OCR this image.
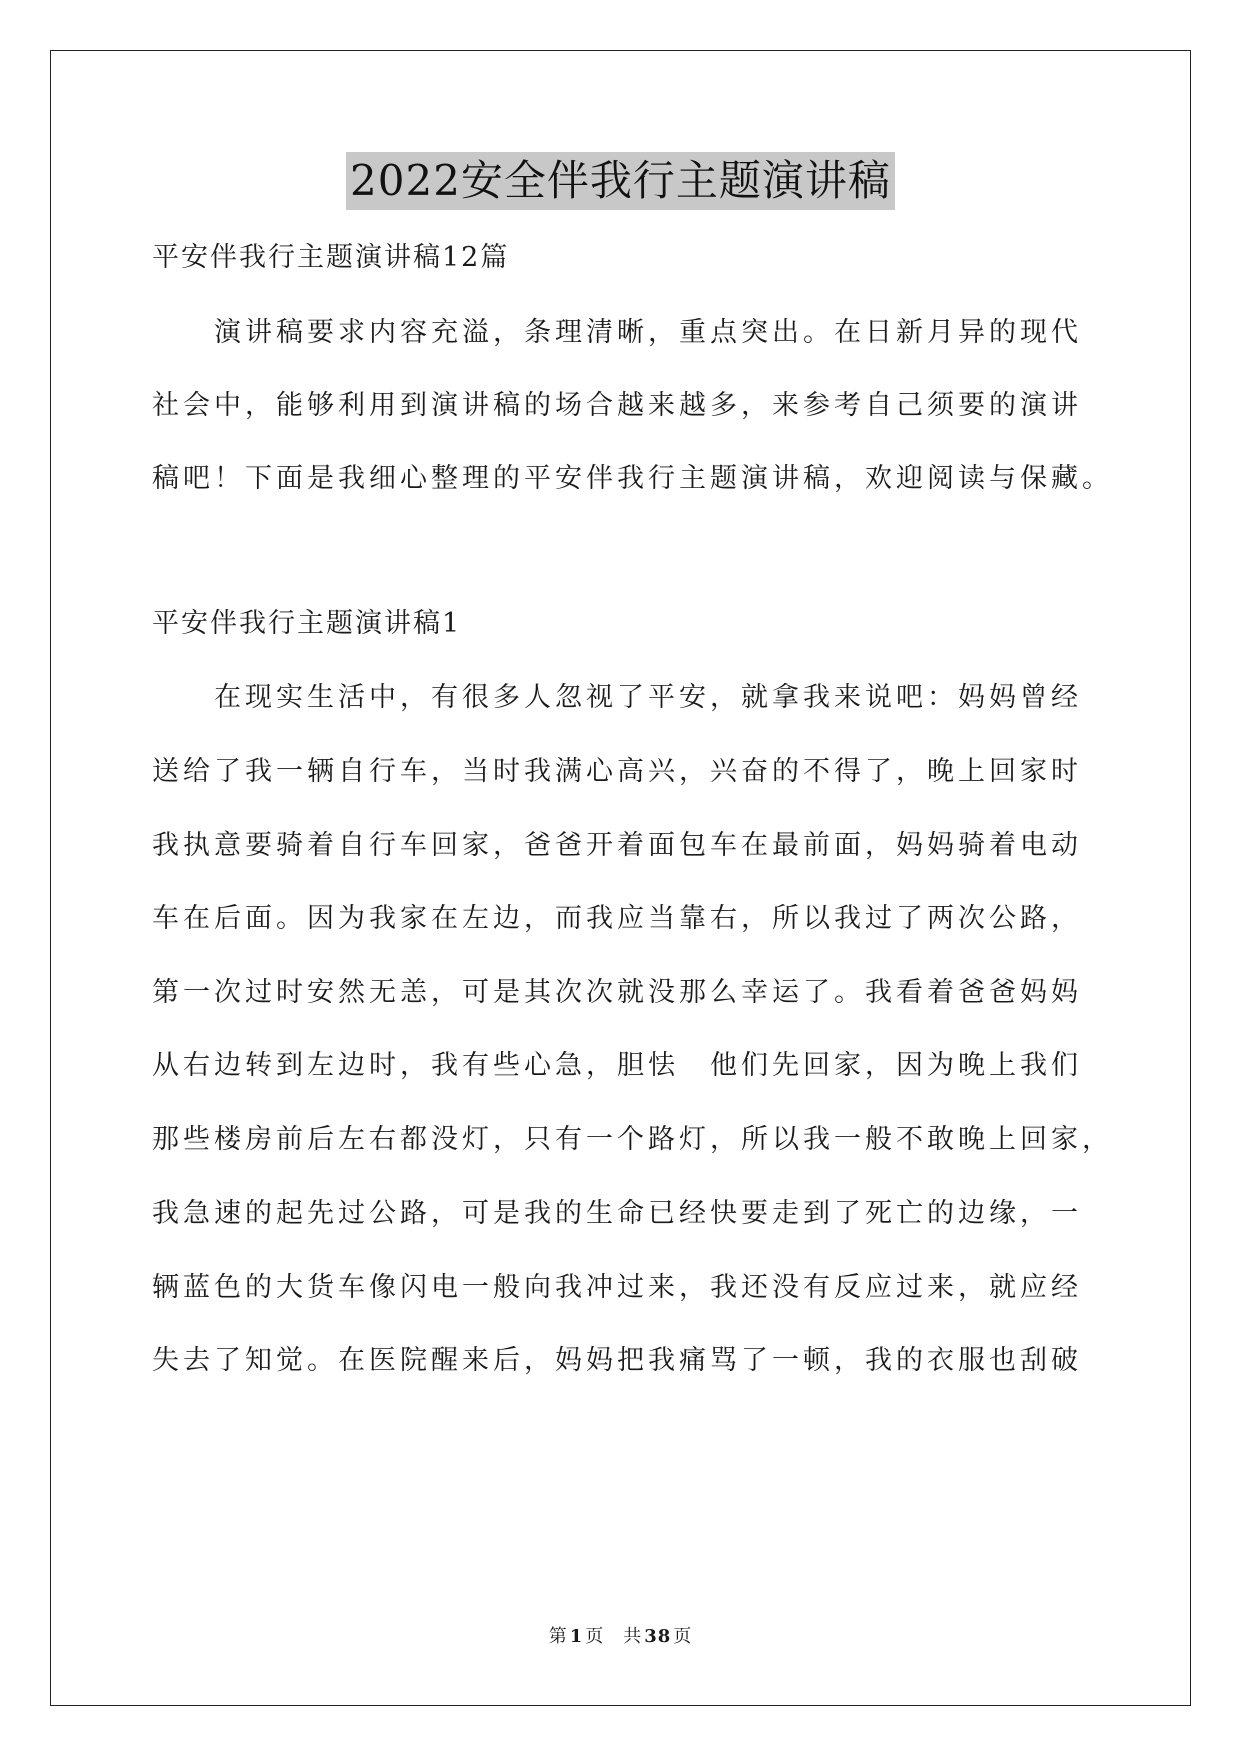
2022安全伴我行主题演讲稿
平安伴我行主题演讲稿12篇
　　演讲稿要求内容充溢，条理清晰，重点突出。在日新月异的现代
社会中，能够利用到演讲稿的场合越来越多，来参考自己须要的演讲
稿吧！下面是我细心整理的平安伴我行主题演讲稿，欢迎阅读与保藏。
平安伴我行主题演讲稿1
　　在现实生活中，有很多人忽视了平安，就拿我来说吧：妈妈曾经
送给了我一辆自行车，当时我满心高兴，兴奋的不得了，晚上回家时
我执意要骑着自行车回家，爸爸开着面包车在最前面，妈妈骑着电动
车在后面。因为我家在左边，而我应当靠右，所以我过了两次公路，
第一次过时安然无恙，可是其次次就没那么幸运了。我看着爸爸妈妈
从右边转到左边时，我有些心急，胆怯　他们先回家，因为晚上我们
那些楼房前后左右都没灯，只有一个路灯，所以我一般不敢晚上回家，
我急速的起先过公路，可是我的生命已经快要走到了死亡的边缘，一
辆蓝色的大货车像闪电一般向我冲过来，我还没有反应过来，就应经
失去了知觉。在医院醒来后，妈妈把我痛骂了一顿，我的衣服也刮破
第 1 页　共 38 页
